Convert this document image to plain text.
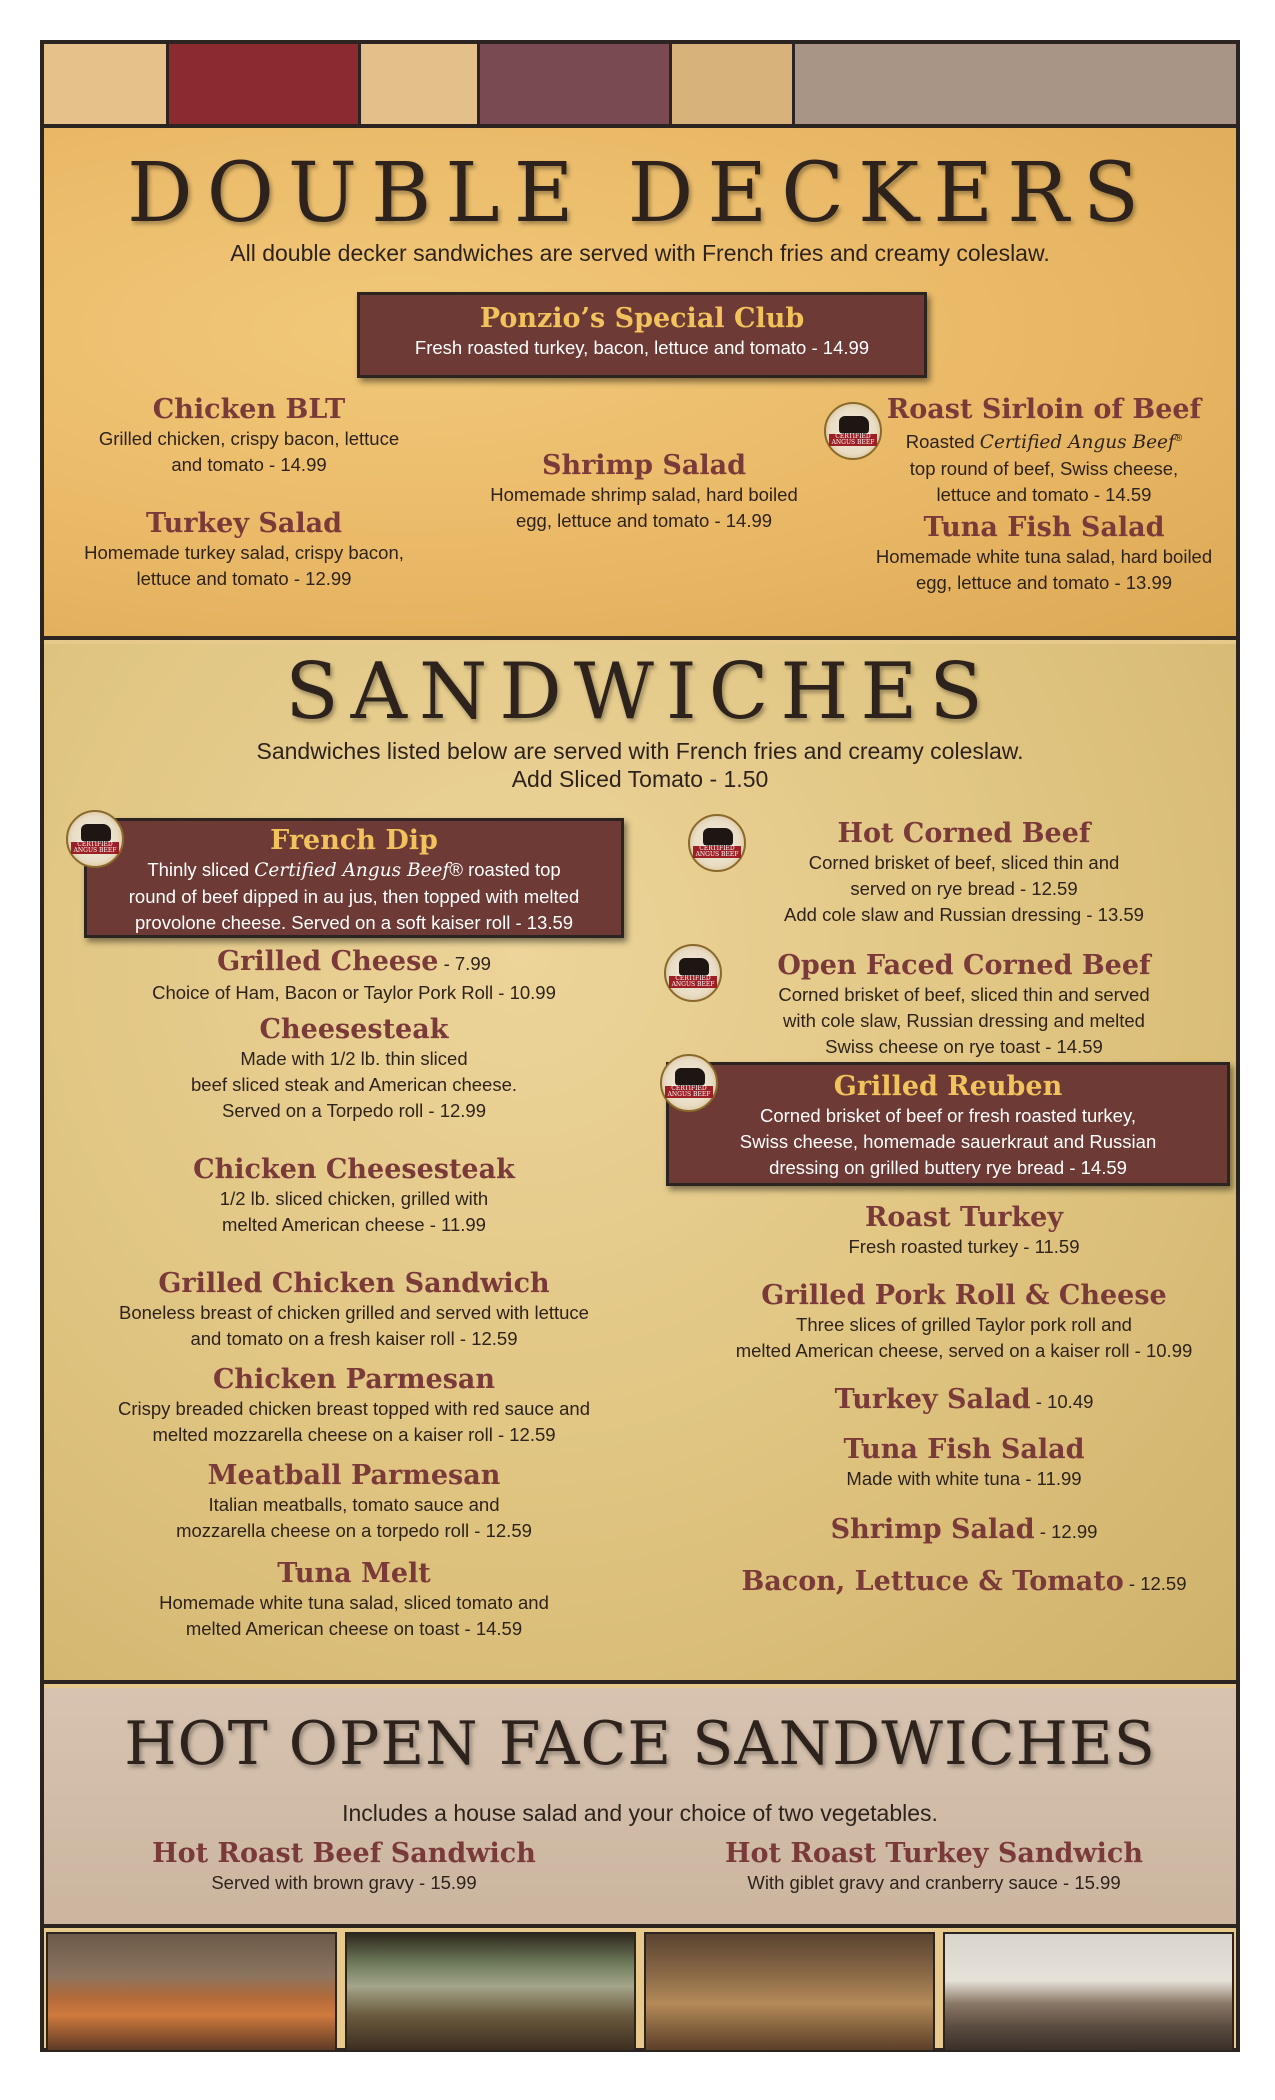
DOUBLE DECKERS
All double decker sandwiches are served with French fries and creamy coleslaw.
Ponzio’s Special Club
Fresh roasted turkey, bacon, lettuce and tomato - 14.99
Chicken BLT
Grilled chicken, crispy bacon, lettuce
and tomato - 14.99
Turkey Salad
Homemade turkey salad, crispy bacon,
lettuce and tomato - 12.99
Shrimp Salad
Homemade shrimp salad, hard boiled
egg, lettuce and tomato - 14.99
CERTIFIED
ANGUS BEEF
Roast Sirloin of Beef
Roasted Certified Angus Beef®
top round of beef, Swiss cheese,
lettuce and tomato - 14.59
Tuna Fish Salad
Homemade white tuna salad, hard boiled
egg, lettuce and tomato - 13.99
SANDWICHES
Sandwiches listed below are served with French fries and creamy coleslaw.
Add Sliced Tomato - 1.50
French Dip
Thinly sliced Certified Angus Beef® roasted top
round of beef dipped in au jus, then topped with melted
provolone cheese. Served on a soft kaiser roll - 13.59
CERTIFIED
ANGUS BEEF
Grilled Cheese - 7.99
Choice of Ham, Bacon or Taylor Pork Roll - 10.99
Cheesesteak
Made with 1/2 lb. thin sliced
beef sliced steak and American cheese.
Served on a Torpedo roll - 12.99
Chicken Cheesesteak
1/2 lb. sliced chicken, grilled with
melted American cheese - 11.99
Grilled Chicken Sandwich
Boneless breast of chicken grilled and served with lettuce
and tomato on a fresh kaiser roll - 12.59
Chicken Parmesan
Crispy breaded chicken breast topped with red sauce and
melted mozzarella cheese on a kaiser roll - 12.59
Meatball Parmesan
Italian meatballs, tomato sauce and
mozzarella cheese on a torpedo roll - 12.59
Tuna Melt
Homemade white tuna salad, sliced tomato and
melted American cheese on toast - 14.59
CERTIFIED
ANGUS BEEF
Hot Corned Beef
Corned brisket of beef, sliced thin and
served on rye bread - 12.59
Add cole slaw and Russian dressing - 13.59
CERTIFIED
ANGUS BEEF
Open Faced Corned Beef
Corned brisket of beef, sliced thin and served
with cole slaw, Russian dressing and melted
Swiss cheese on rye toast - 14.59
Grilled Reuben
Corned brisket of beef or fresh roasted turkey,
Swiss cheese, homemade sauerkraut and Russian
dressing on grilled buttery rye bread - 14.59
CERTIFIED
ANGUS BEEF
Roast Turkey
Fresh roasted turkey - 11.59
Grilled Pork Roll & Cheese
Three slices of grilled Taylor pork roll and
melted American cheese, served on a kaiser roll - 10.99
Turkey Salad - 10.49
Tuna Fish Salad
Made with white tuna - 11.99
Shrimp Salad - 12.99
Bacon, Lettuce & Tomato - 12.59
HOT OPEN FACE SANDWICHES
Includes a house salad and your choice of two vegetables.
Hot Roast Beef Sandwich
Served with brown gravy - 15.99
Hot Roast Turkey Sandwich
With giblet gravy and cranberry sauce - 15.99
